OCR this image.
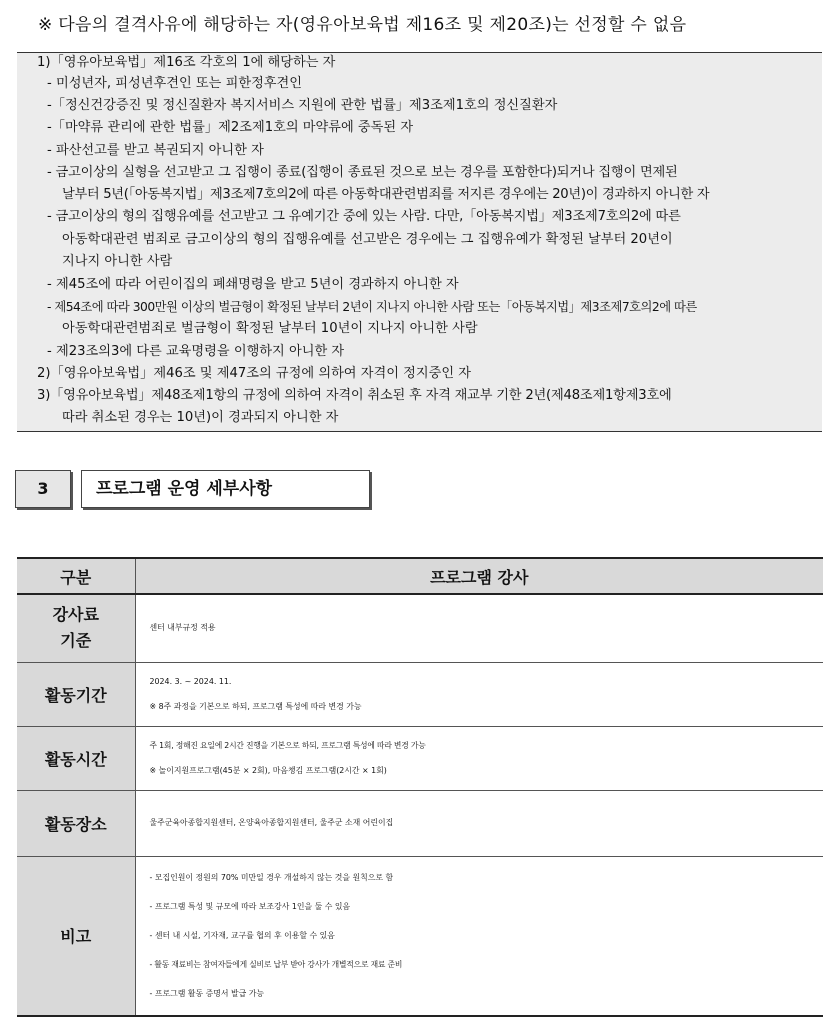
※ 다음의 결격사유에 해당하는 자(영유아보육법 제16조 및 제20조)는 선정할 수 없음
1)「영유아보육법」제16조 각호의 1에 해당하는 자
- 미성년자, 피성년후견인 또는 피한정후견인
-「정신건강증진 및 정신질환자 복지서비스 지원에 관한 법률」제3조제1호의 정신질환자
-「마약류 관리에 관한 법률」제2조제1호의 마약류에 중독된 자
- 파산선고를 받고 복권되지 아니한 자
- 금고이상의 실형을 선고받고 그 집행이 종료(집행이 종료된 것으로 보는 경우를 포함한다)되거나 집행이 면제된
날부터 5년(「아동복지법」제3조제7호의2에 따른 아동학대관련범죄를 저지른 경우에는 20년)이 경과하지 아니한 자
- 금고이상의 형의 집행유예를 선고받고 그 유예기간 중에 있는 사람. 다만,「아동복지법」제3조제7호의2에 따른
아동학대관련 범죄로 금고이상의 형의 집행유예를 선고받은 경우에는 그 집행유예가 확정된 날부터 20년이
지나지 아니한 사람
- 제45조에 따라 어린이집의 폐쇄명령을 받고 5년이 경과하지 아니한 자
- 제54조에 따라 300만원 이상의 벌금형이 확정된 날부터 2년이 지나지 아니한 사람 또는「아동복지법」제3조제7호의2에 따른
아동학대관련범죄로 벌금형이 확정된 날부터 10년이 지나지 아니한 사람
- 제23조의3에 다른 교육명령을 이행하지 아니한 자
2)「영유아보육법」제46조 및 제47조의 규정에 의하여 자격이 정지중인 자
3)「영유아보육법」제48조제1항의 규정에 의하여 자격이 취소된 후 자격 재교부 기한 2년(제48조제1항제3호에
따라 취소된 경우는 10년)이 경과되지 아니한 자
3	프로그램 운영 세부사항
구분	프로그램 강사

강사료
기준	센터 내부규정 적용

활동기간	2024. 3. ~ 2024. 11.
※ 8주 과정을 기본으로 하되, 프로그램 특성에 따라 변경 가능

활동시간	주 1회, 정해진 요일에 2시간 진행을 기본으로 하되, 프로그램 특성에 따라 변경 가능
※ 놀이지원프로그램(45분 × 2회), 마음챙김 프로그램(2시간 × 1회)

활동장소	울주군육아종합지원센터, 온양육아종합지원센터, 울주군 소재 어린이집

비고	- 모집인원이 정원의 70% 미만일 경우 개설하지 않는 것을 원칙으로 함
- 프로그램 특성 및 규모에 따라 보조강사 1인을 둘 수 있음
- 센터 내 시설, 기자재, 교구를 협의 후 이용할 수 있음
- 활동 재료비는 참여자들에게 실비로 납부 받아 강사가 개별적으로 재료 준비
- 프로그램 활동 증명서 발급 가능
